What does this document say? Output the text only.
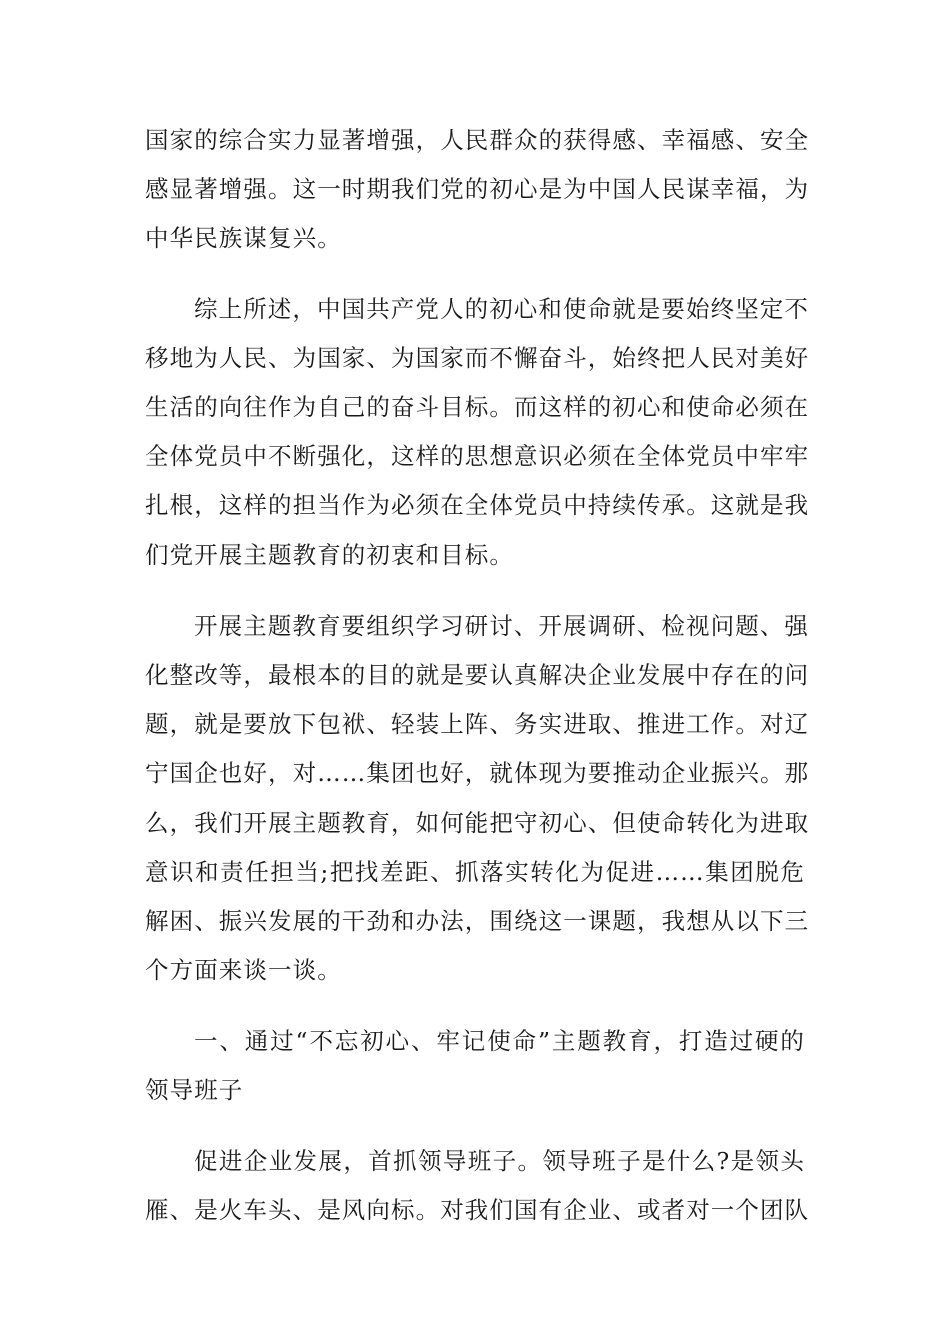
国家的综合实力显著增强，人民群众的获得感、幸福感、安全
感显著增强。这一时期我们党的初心是为中国人民谋幸福，为
中华民族谋复兴。
综上所述，中国共产党人的初心和使命就是要始终坚定不
移地为人民、为国家、为国家而不懈奋斗，始终把人民对美好
生活的向往作为自己的奋斗目标。而这样的初心和使命必须在
全体党员中不断强化，这样的思想意识必须在全体党员中牢牢
扎根，这样的担当作为必须在全体党员中持续传承。这就是我
们党开展主题教育的初衷和目标。
开展主题教育要组织学习研讨、开展调研、检视问题、强
化整改等，最根本的目的就是要认真解决企业发展中存在的问
题，就是要放下包袱、轻装上阵、务实进取、推进工作。对辽
宁国企也好，对……集团也好，就体现为要推动企业振兴。那
么，我们开展主题教育，如何能把守初心、但使命转化为进取
意识和责任担当;把找差距、抓落实转化为促进……集团脱危
解困、振兴发展的干劲和办法，围绕这一课题，我想从以下三
个方面来谈一谈。
一、通过“不忘初心、牢记使命”主题教育，打造过硬的
领导班子
促进企业发展，首抓领导班子。领导班子是什么?是领头
雁、是火车头、是风向标。对我们国有企业、或者对一个团队
